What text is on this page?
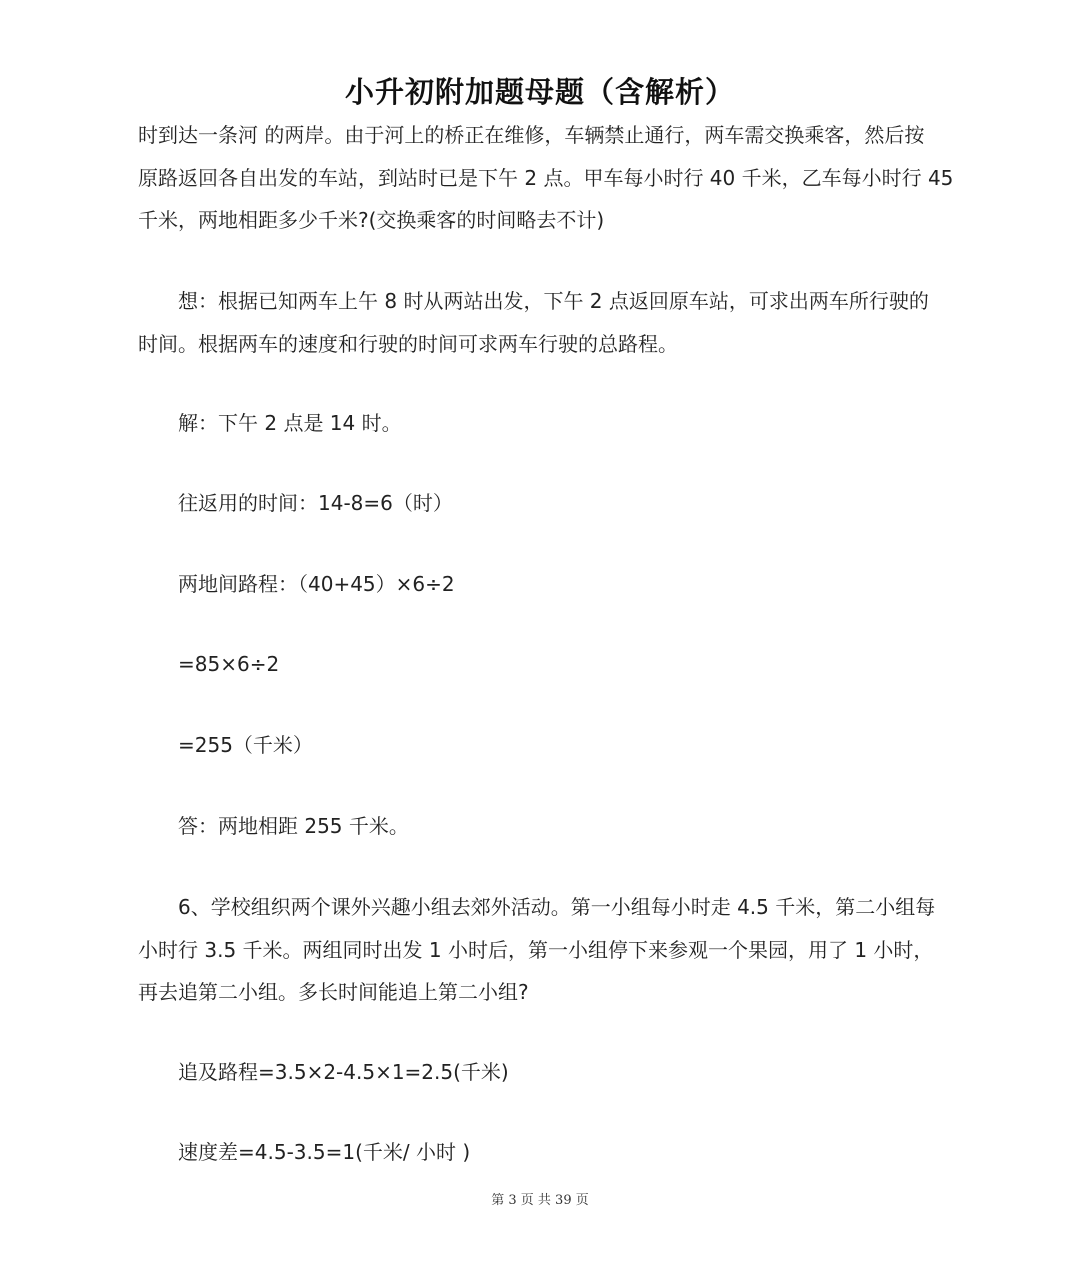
小升初附加题母题（含解析）
时到达一条河 的两岸。由于河上的桥正在维修，车辆禁止通行，两车需交换乘客，然后按
原路返回各自出发的车站，到站时已是下午 2 点。甲车每小时行 40 千米，乙车每小时行 45
千米，两地相距多少千米?(交换乘客的时间略去不计)
想：根据已知两车上午 8 时从两站出发，下午 2 点返回原车站，可求出两车所行驶的
时间。根据两车的速度和行驶的时间可求两车行驶的总路程。
解：下午 2 点是 14 时。
往返用的时间：14-8=6（时）
两地间路程：（40+45）×6÷2
=85×6÷2
=255（千米）
答：两地相距 255 千米。
6、学校组织两个课外兴趣小组去郊外活动。第一小组每小时走 4.5 千米，第二小组每
小时行 3.5 千米。两组同时出发 1 小时后，第一小组停下来参观一个果园，用了 1 小时，
再去追第二小组。多长时间能追上第二小组?
追及路程=3.5×2-4.5×1=2.5(千米)
速度差=4.5-3.5=1(千米/ 小时 )
第 3 页 共 39 页
